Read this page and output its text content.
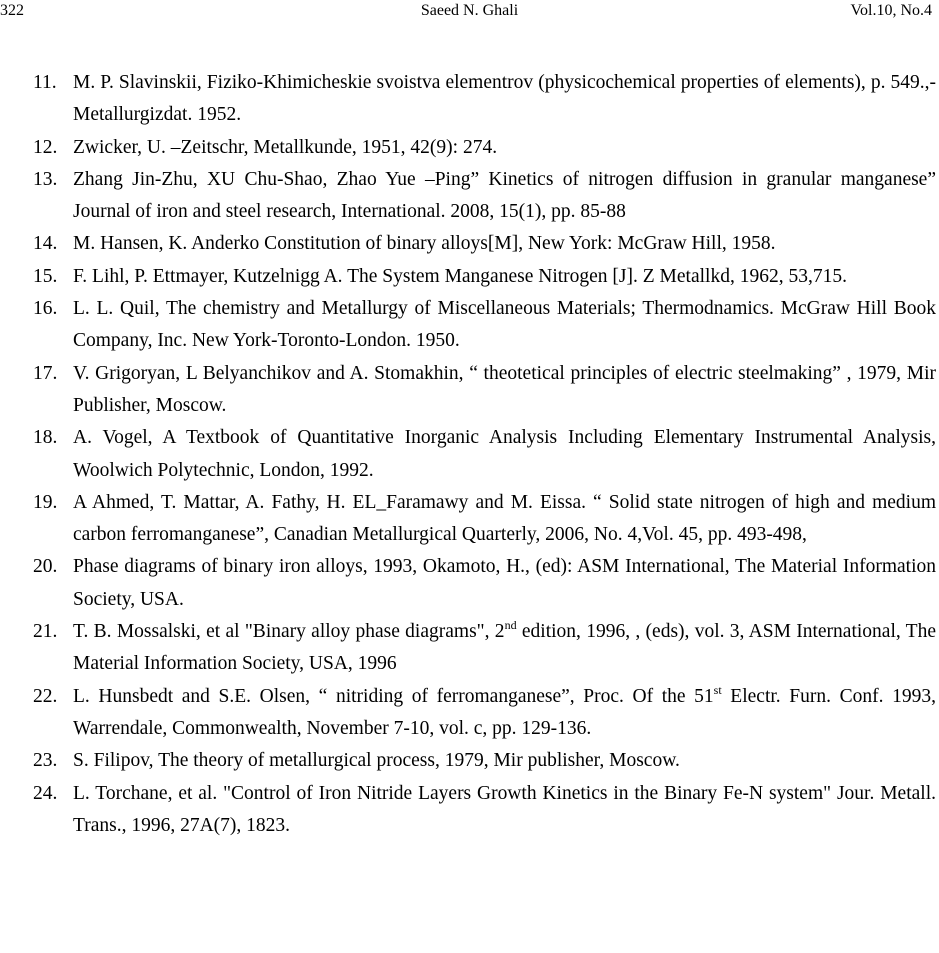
322	Saeed N. Ghali	Vol.10, No.4
11. M. P. Slavinskii, Fiziko-Khimicheskie svoistva elementrov (physicochemical properties of elements), p. 549.,-Metallurgizdat. 1952.
12. Zwicker, U. –Zeitschr, Metallkunde, 1951, 42(9): 274.
13. Zhang Jin-Zhu, XU Chu-Shao, Zhao Yue –Ping” Kinetics of nitrogen diffusion in granular manganese” Journal of iron and steel research, International. 2008, 15(1), pp. 85-88
14. M. Hansen, K. Anderko Constitution of binary alloys[M], New York: McGraw Hill, 1958.
15. F. Lihl, P. Ettmayer, Kutzelnigg A. The System Manganese Nitrogen [J]. Z Metallkd, 1962, 53,715.
16. L. L. Quil, The chemistry and Metallurgy of Miscellaneous Materials; Thermodnamics. McGraw Hill Book Company, Inc. New York-Toronto-London. 1950.
17. V. Grigoryan, L Belyanchikov and A. Stomakhin, “ theotetical principles of electric steelmaking” , 1979, Mir Publisher, Moscow.
18. A. Vogel, A Textbook of Quantitative Inorganic Analysis Including Elementary Instrumental Analysis, Woolwich Polytechnic, London, 1992.
19. A Ahmed, T. Mattar, A. Fathy, H. EL_Faramawy and M. Eissa. “ Solid state nitrogen of high and medium carbon ferromanganese”, Canadian Metallurgical Quarterly, 2006, No. 4,Vol. 45, pp. 493-498,
20. Phase diagrams of binary iron alloys, 1993, Okamoto, H., (ed): ASM International, The Material Information Society, USA.
21. T. B. Mossalski, et al "Binary alloy phase diagrams", 2nd edition, 1996, , (eds), vol. 3, ASM International, The Material Information Society, USA, 1996
22. L. Hunsbedt and S.E. Olsen, “ nitriding of ferromanganese”, Proc. Of the 51st Electr. Furn. Conf. 1993, Warrendale, Commonwealth, November 7-10, vol. c, pp. 129-136.
23. S. Filipov, The theory of metallurgical process, 1979, Mir publisher, Moscow.
24. L. Torchane, et al. "Control of Iron Nitride Layers Growth Kinetics in the Binary Fe-N system" Jour. Metall. Trans., 1996, 27A(7), 1823.
